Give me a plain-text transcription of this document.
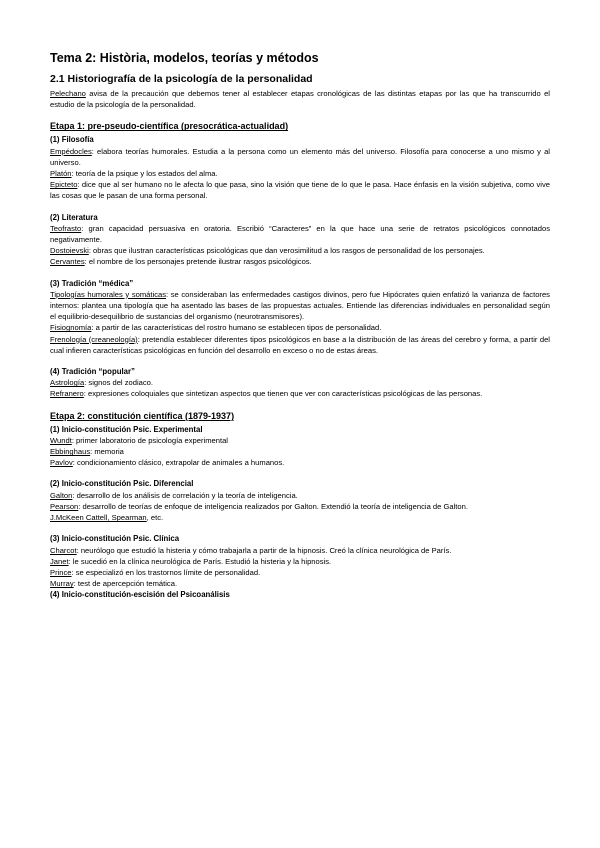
Tema 2: Història, modelos, teorías y métodos
2.1 Historiografía de la psicología de la personalidad

Pelechano avisa de la precaución que debemos tener al establecer etapas cronológicas de las distintas etapas por las que ha transcurrido el estudio de la psicología de la personalidad.

Etapa 1: pre-pseudo-científica (presocrática-actualidad)
(1) Filosofía

Empédocles: elabora teorías humorales. Estudia a la persona como un elemento más del universo. Filosofía para conocerse a uno mismo y al universo.

Platón: teoría de la psique y los estados del alma.

Epicteto: dice que al ser humano no le afecta lo que pasa, sino la visión que tiene de lo que le pasa. Hace énfasis en la visión subjetiva, como vive las cosas que le pasan de una forma personal.

(2) Literatura

Teofrasto: gran capacidad persuasiva en oratoria. Escribió “Caracteres” en la que hace una serie de retratos psicológicos connotados negativamente.

Dostoievski: obras que ilustran características psicológicas que dan verosimilitud a los rasgos de personalidad de los personajes.

Cervantes: el nombre de los personajes pretende ilustrar rasgos psicológicos.

(3) Tradición “médica”

Tipologías humorales y somáticas: se consideraban las enfermedades castigos divinos, pero fue Hipócrates quien enfatizó la varianza de factores internos: plantea una tipología que ha asentado las bases de las propuestas actuales. Entiende las diferencias individuales en personalidad según el equilibrio-desequilibrio de sustancias del organismo (neurotransmisores).

Fisiognomía: a partir de las características del rostro humano se establecen tipos de personalidad.

Frenología (creaneología): pretendía establecer diferentes tipos psicológicos en base a la distribución de las áreas del cerebro y forma, a partir del cual infieren características psicológicas en función del desarrollo en exceso o no de estas áreas.

(4) Tradición “popular”

Astrología: signos del zodiaco.

Refranero: expresiones coloquiales que sintetizan aspectos que tienen que ver con características psicológicas de las personas.

Etapa 2: constitución científica (1879-1937)
(1) Inicio-constitución Psic. Experimental

Wundt: primer laboratorio de psicología experimental

Ebbinghaus: memoria

Pavlov: condicionamiento clásico, extrapolar de animales a humanos.

(2) Inicio-constitución Psic. Diferencial

Galton: desarrollo de los análisis de correlación y la teoría de inteligencia.

Pearson: desarrollo de teorías de enfoque de inteligencia realizados por Galton. Extendió la teoría de inteligencia de Galton.

J.McKeen Cattell, Spearman, etc.

(3) Inicio-constitución Psic. Clínica

Charcot: neurólogo que estudió la histeria y cómo trabajarla a partir de la hipnosis. Creó la clínica neurológica de París.

Janet: le sucedió en la clínica neurológica de París. Estudió la histeria y la hipnosis.

Prince: se especializó en los trastornos límite de personalidad.

Murray: test de apercepción temática.

(4) Inicio-constitución-escisión del Psicoanálisis
